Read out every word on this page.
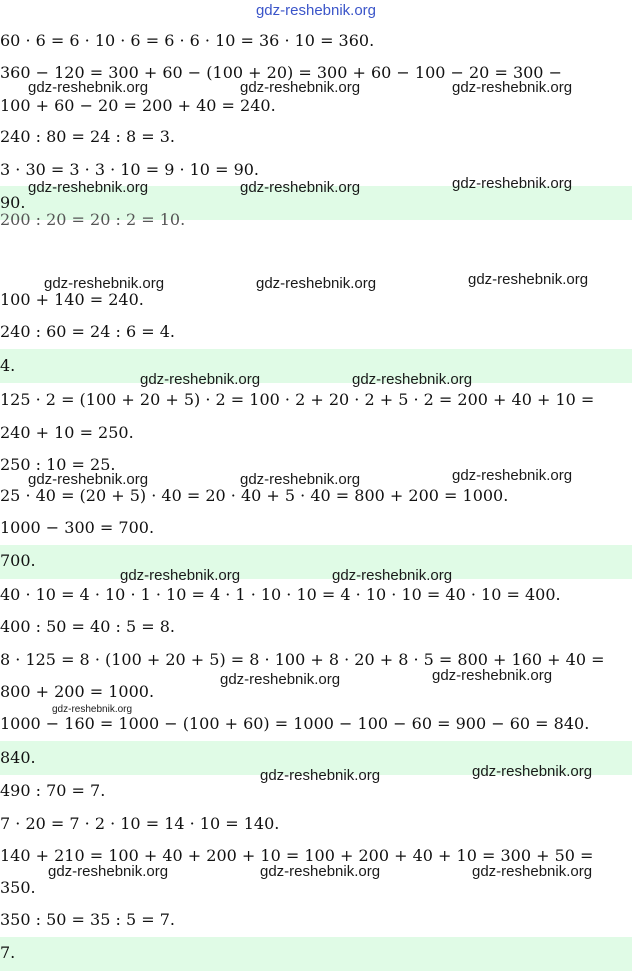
gdz-reshebnik.org
60 · 6 = 6 · 10 · 6 = 6 · 6 · 10 = 36 · 10 = 360.
360 − 120 = 300 + 60 − (100 + 20) = 300 + 60 − 100 − 20 = 300 −
100 + 60 − 20 = 200 + 40 = 240.
240 : 80 = 24 : 8 = 3.
3 · 30 = 3 · 3 · 10 = 9 · 10 = 90.
90.
200 : 20 = 20 : 2 = 10.
100 + 140 = 240.
240 : 60 = 24 : 6 = 4.
4.
125 · 2 = (100 + 20 + 5) · 2 = 100 · 2 + 20 · 2 + 5 · 2 = 200 + 40 + 10 =
240 + 10 = 250.
250 : 10 = 25.
25 · 40 = (20 + 5) · 40 = 20 · 40 + 5 · 40 = 800 + 200 = 1000.
1000 − 300 = 700.
700.
40 · 10 = 4 · 10 · 1 · 10 = 4 · 1 · 10 · 10 = 4 · 10 · 10 = 40 · 10 = 400.
400 : 50 = 40 : 5 = 8.
8 · 125 = 8 · (100 + 20 + 5) = 8 · 100 + 8 · 20 + 8 · 5 = 800 + 160 + 40 =
800 + 200 = 1000.
1000 − 160 = 1000 − (100 + 60) = 1000 − 100 − 60 = 900 − 60 = 840.
840.
490 : 70 = 7.
7 · 20 = 7 · 2 · 10 = 14 · 10 = 140.
140 + 210 = 100 + 40 + 200 + 10 = 100 + 200 + 40 + 10 = 300 + 50 =
350.
350 : 50 = 35 : 5 = 7.
7.
gdz-reshebnik.org	gdz-reshebnik.org	gdz-reshebnik.org
gdz-reshebnik.org	gdz-reshebnik.org	gdz-reshebnik.org
gdz-reshebnik.org	gdz-reshebnik.org	gdz-reshebnik.org
gdz-reshebnik.org	gdz-reshebnik.org
gdz-reshebnik.org	gdz-reshebnik.org	gdz-reshebnik.org
gdz-reshebnik.org	gdz-reshebnik.org
gdz-reshebnik.org	gdz-reshebnik.org
gdz-reshebnik.org
gdz-reshebnik.org	gdz-reshebnik.org
gdz-reshebnik.org	gdz-reshebnik.org	gdz-reshebnik.org
